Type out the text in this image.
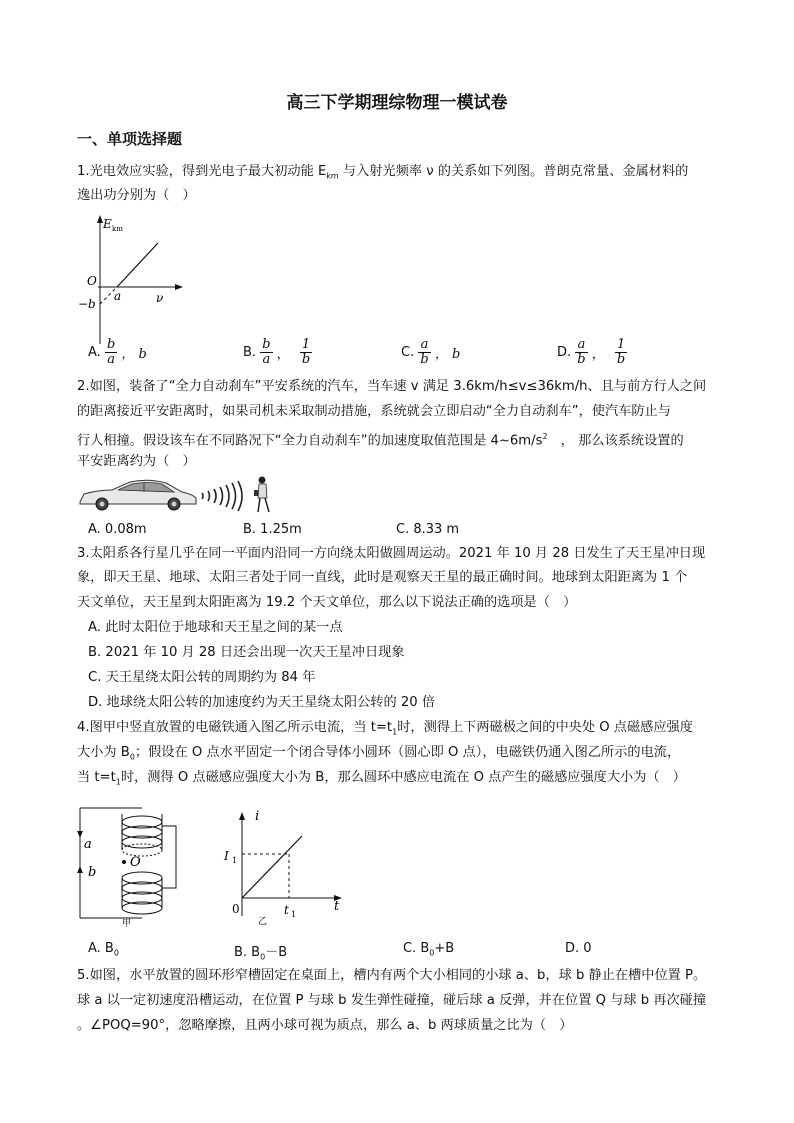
高三下学期理综物理一模试卷
一、单项选择题
1.光电效应实验，得到光电子最大初动能 $E_{km}$ 与入射光频率 ν 的关系如下列图。普朗克常量、金属材料的
逸出功分别为（　）
E km
O
a	ν
−b
A. $\frac{b}{a}$ ， b	B. $\frac{b}{a}$ ， $\frac{1}{b}$	C. $\frac{a}{b}$ ， b	D. $\frac{a}{b}$ ， $\frac{1}{b}$
2.如图，装备了“全力自动刹车”平安系统的汽车，当车速 v 满足 3.6km/h≤v≤36km/h、且与前方行人之间
的距离接近平安距离时，如果司机未采取制动措施，系统就会立即启动“全力自动刹车”，使汽车防止与
行人相撞。假设该车在不同路况下“全力自动刹车”的加速度取值范围是 $4\sim 6m/s^2$　， 那么该系统设置的
平安距离约为（　）
A. 0.08m	B. 1.25m	C. 8.33 m
3.太阳系各行星几乎在同一平面内沿同一方向绕太阳做圆周运动。2021 年 10 月 28 日发生了天王星冲日现
象，即天王星、地球、太阳三者处于同一直线，此时是观察天王星的最正确时间。地球到太阳距离为 1 个
天文单位，天王星到太阳距离为 19.2 个天文单位，那么以下说法正确的选项是（　）
A. 此时太阳位于地球和天王星之间的某一点
B. 2021 年 10 月 28 日还会出现一次天王星冲日现象
C. 天王星绕太阳公转的周期约为 84 年
D. 地球绕太阳公转的加速度约为天王星绕太阳公转的 20 倍
4.图甲中竖直放置的电磁铁通入图乙所示电流，当 $t=t_1$时，测得上下两磁极之间的中央处 O 点磁感应强度
大小为 $B_0$；假设在 O 点水平固定一个闭合导体小圆环（圆心即 O 点），电磁铁仍通入图乙所示的电流，
当 $t=t_1$时，测得 O 点磁感应强度大小为 B，那么圆环中感应电流在 O 点产生的磁感应强度大小为（　）
a
b
O
甲
i
I 1
0	t 1
t
乙
A. $B_0$	B. $B_0-B$	C. $B_0+B$	D. 0
5.如图，水平放置的圆环形窄槽固定在桌面上，槽内有两个大小相同的小球 a、b，球 b 静止在槽中位置 P。
球 a 以一定初速度沿槽运动，在位置 P 与球 b 发生弹性碰撞，碰后球 a 反弹，并在位置 Q 与球 b 再次碰撞
。∠POQ=90°，忽略摩擦，且两小球可视为质点，那么 a、b 两球质量之比为（　）
